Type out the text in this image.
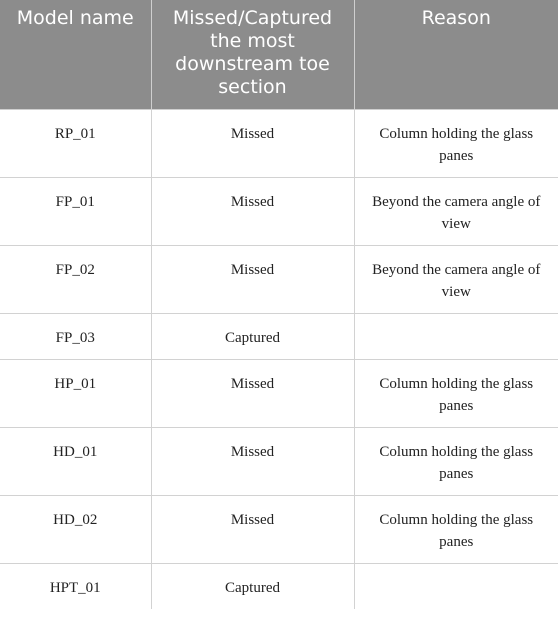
Model name	Missed/Captured the most downstream toe section	Reason
RP_01	Missed	Column holding the glass panes
FP_01	Missed	Beyond the camera angle of view
FP_02	Missed	Beyond the camera angle of view
FP_03	Captured	
HP_01	Missed	Column holding the glass panes
HD_01	Missed	Column holding the glass panes
HD_02	Missed	Column holding the glass panes
HPT_01	Captured	
